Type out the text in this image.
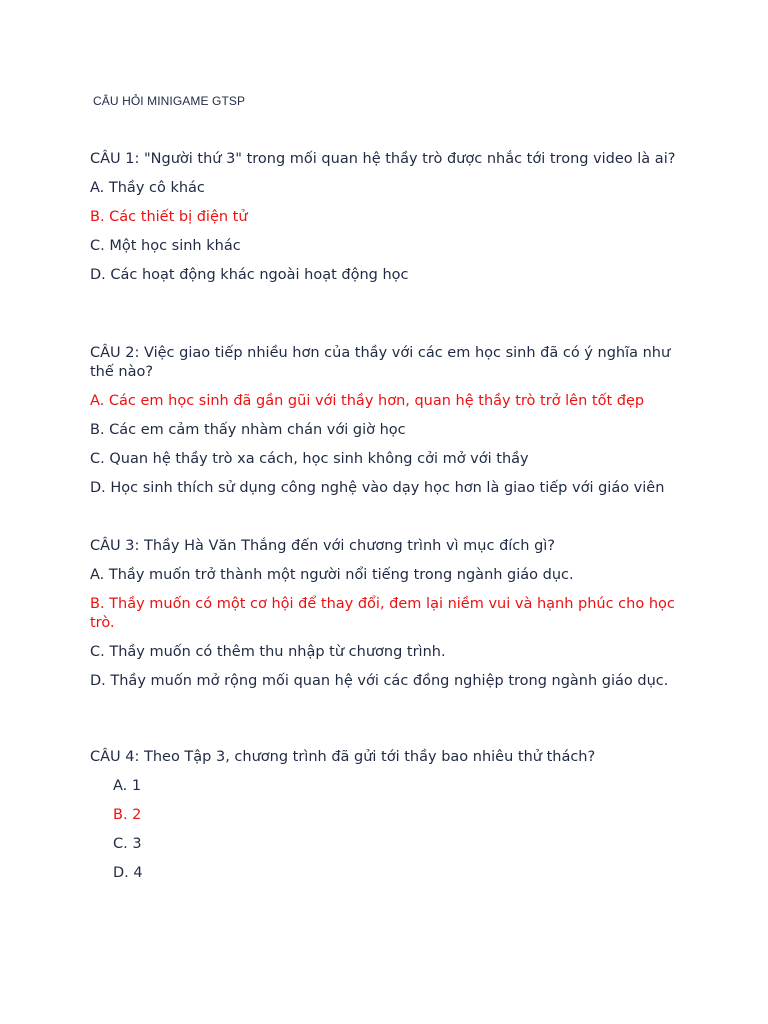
CÂU HỎI MINIGAME GTSP

CÂU 1: "Người thứ 3" trong mối quan hệ thầy trò được nhắc tới trong video là ai?

A. Thầy cô khác

B. Các thiết bị điện tử

C. Một học sinh khác

D. Các hoạt động khác ngoài hoạt động học

CÂU 2: Việc giao tiếp nhiều hơn của thầy với các em học sinh đã có ý nghĩa như thế nào?

A. Các em học sinh đã gần gũi với thầy hơn, quan hệ thầy trò trở lên tốt đẹp

B. Các em cảm thấy nhàm chán với giờ học

C. Quan hệ thầy trò xa cách, học sinh không cởi mở với thầy

D. Học sinh thích sử dụng công nghệ vào dạy học hơn là giao tiếp với giáo viên

CÂU 3: Thầy Hà Văn Thắng đến với chương trình vì mục đích gì?

A. Thầy muốn trở thành một người nổi tiếng trong ngành giáo dục.

B. Thầy muốn có một cơ hội để thay đổi, đem lại niềm vui và hạnh phúc cho học trò.

C. Thầy muốn có thêm thu nhập từ chương trình.

D. Thầy muốn mở rộng mối quan hệ với các đồng nghiệp trong ngành giáo dục.

CÂU 4: Theo Tập 3, chương trình đã gửi tới thầy bao nhiêu thử thách?

A. 1

B. 2

C. 3

D. 4
